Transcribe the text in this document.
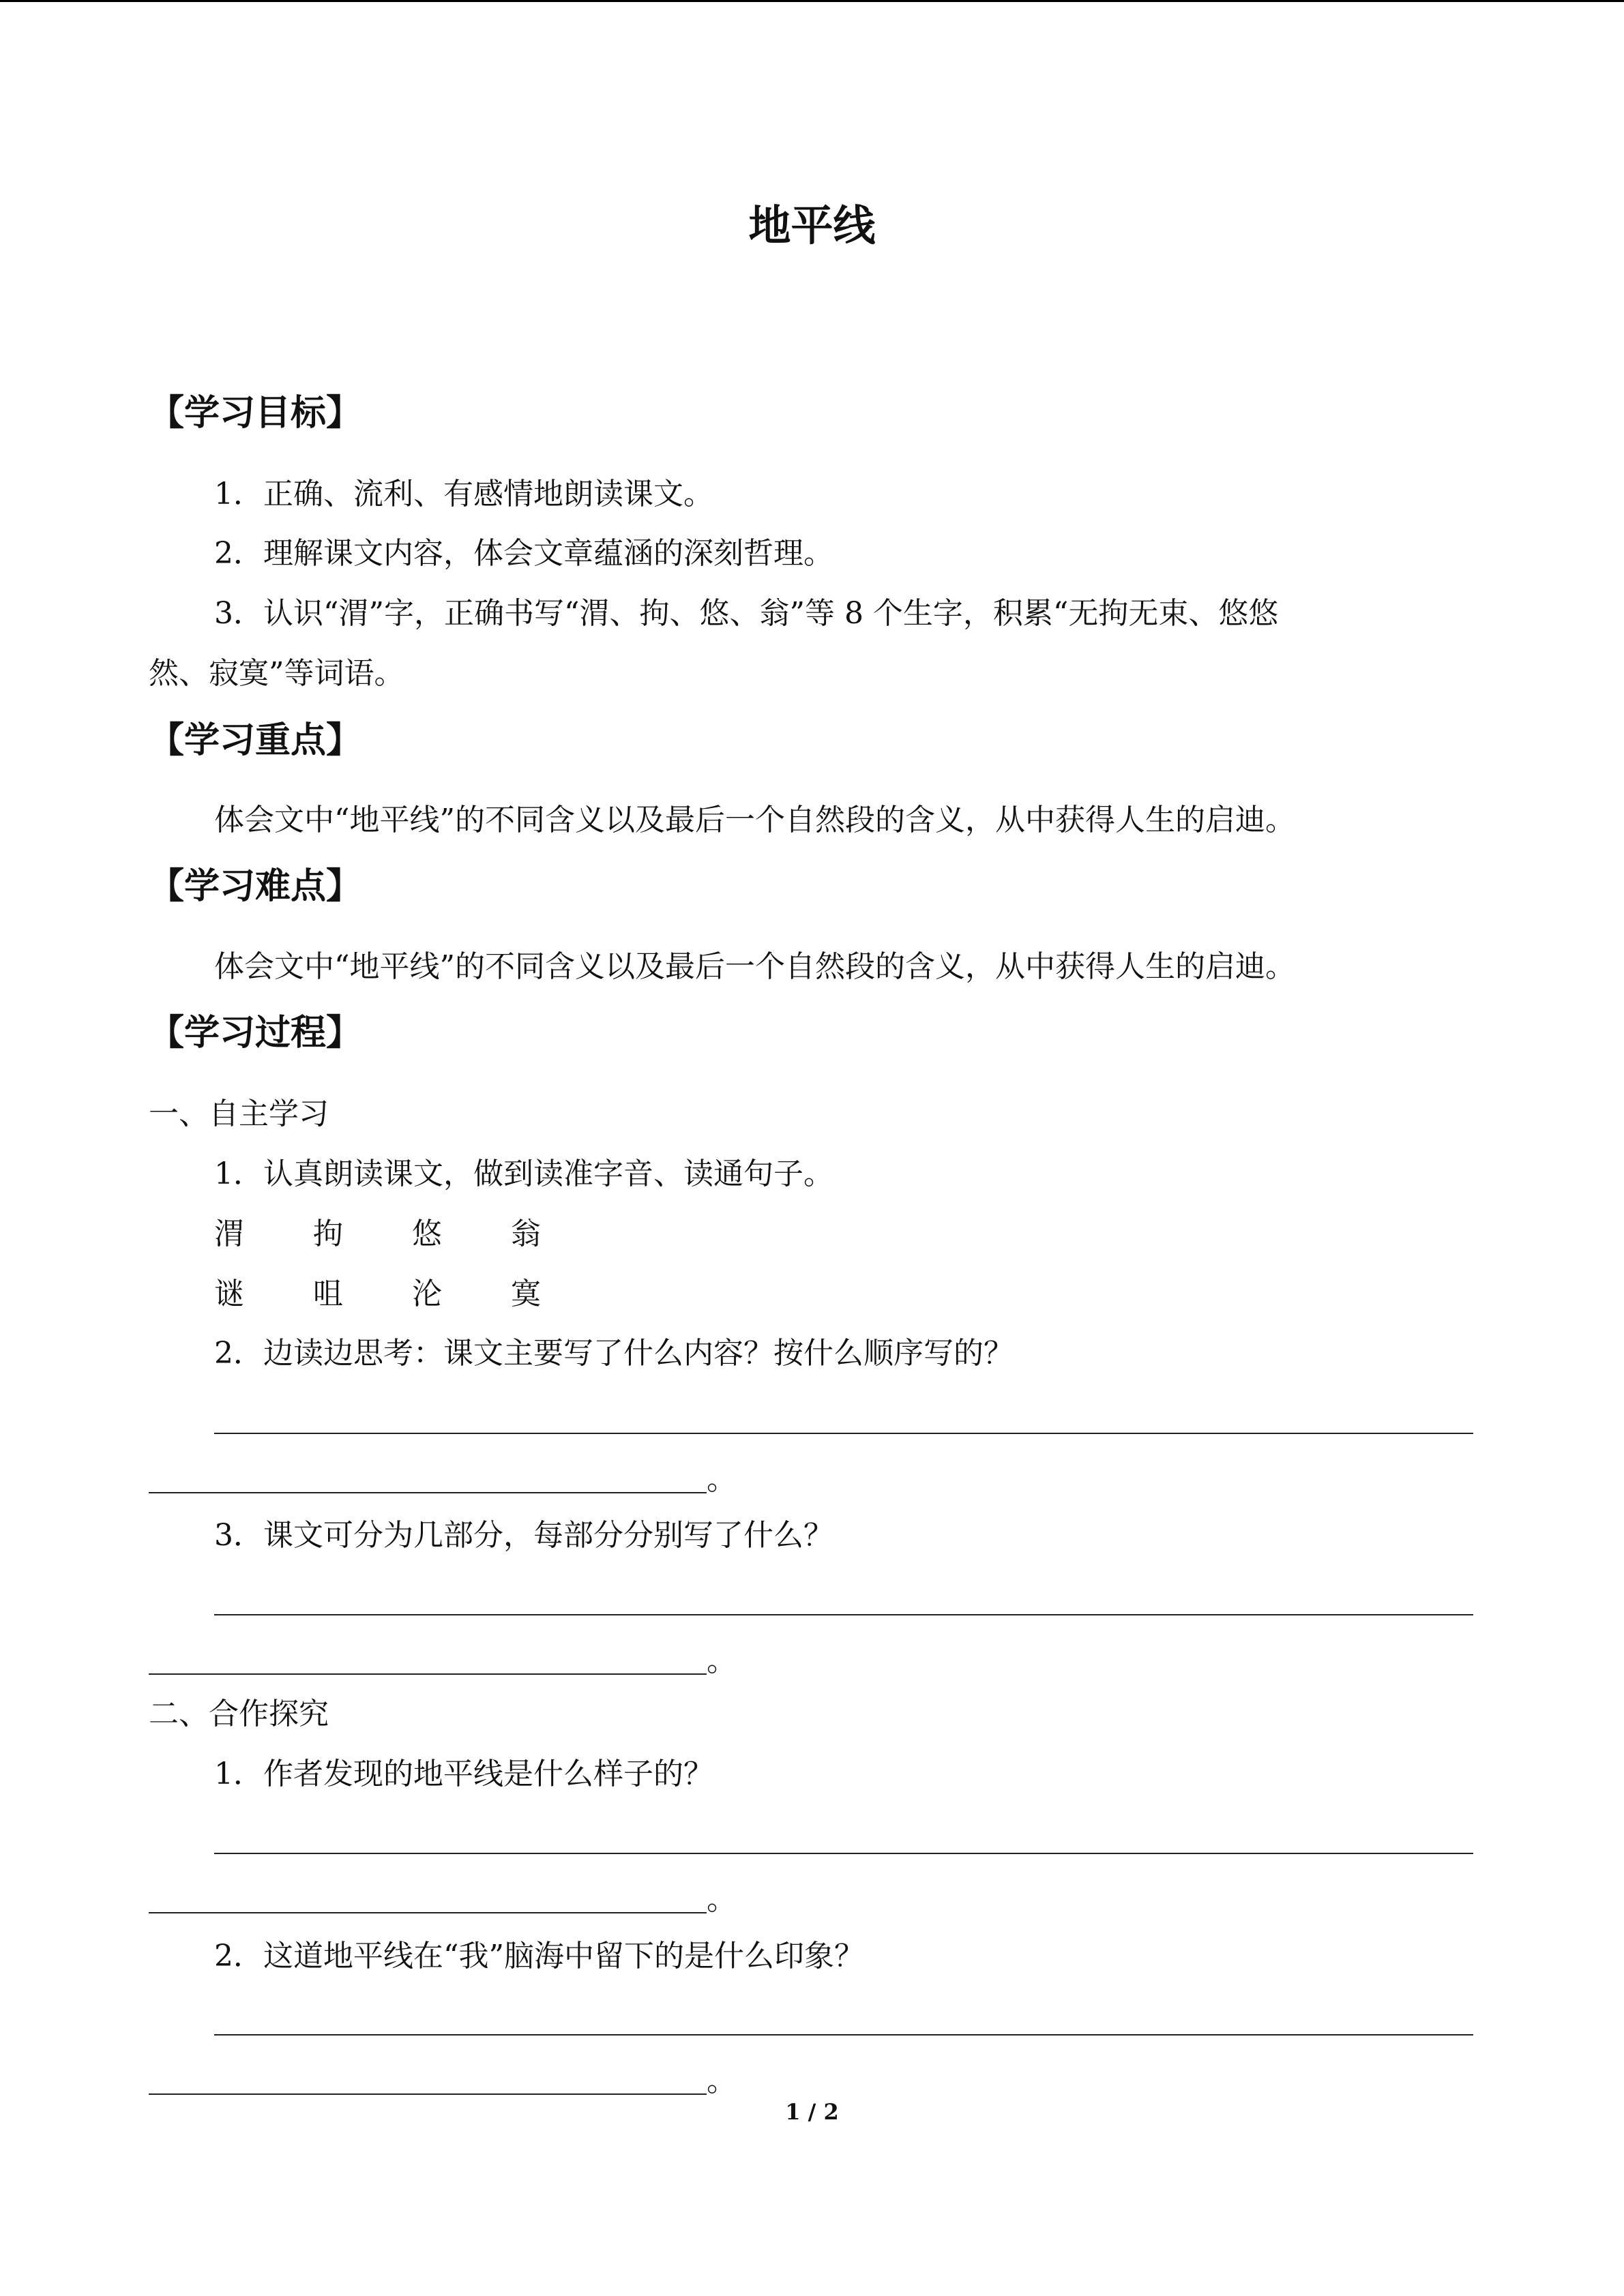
地平线
【学习目标】
1．正确、流利、有感情地朗读课文。
2．理解课文内容，体会文章蕴涵的深刻哲理。
3．认识“渭”字，正确书写“渭、拘、悠、翁”等 8 个生字，积累“无拘无束、悠悠
然、寂寞”等词语。
【学习重点】
体会文中“地平线”的不同含义以及最后一个自然段的含义，从中获得人生的启迪。
【学习难点】
体会文中“地平线”的不同含义以及最后一个自然段的含义，从中获得人生的启迪。
【学习过程】
一、自主学习
1．认真朗读课文，做到读准字音、读通句子。
渭 拘 悠 翁
谜 咀 沦 寞
2．边读边思考：课文主要写了什么内容？按什么顺序写的？
。
3．课文可分为几部分，每部分分别写了什么？
。
二、合作探究
1．作者发现的地平线是什么样子的？
。
2．这道地平线在“我”脑海中留下的是什么印象？
。
1 / 2
